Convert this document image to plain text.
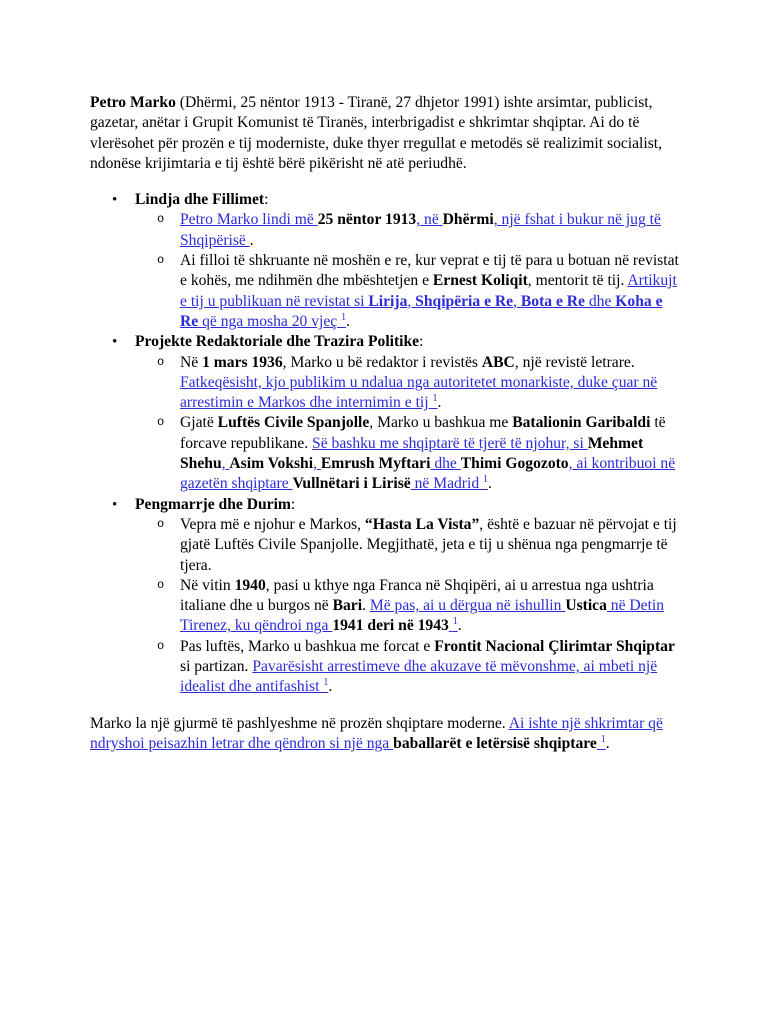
Petro Marko (Dhërmi, 25 nëntor 1913 - Tiranë, 27 dhjetor 1991) ishte arsimtar, publicist, gazetar, anëtar i Grupit Komunist të Tiranës, interbrigadist e shkrimtar shqiptar. Ai do të vlerësohet për prozën e tij moderniste, duke thyer rregullat e metodës së realizimit socialist, ndonëse krijimtaria e tij është bërë pikërisht në atë periudhë.

• Lindja dhe Fillimet:
o Petro Marko lindi më 25 nëntor 1913, në Dhërmi, një fshat i bukur në jug të Shqipërisë .
o Ai filloi të shkruante në moshën e re, kur veprat e tij të para u botuan në revistat e kohës, me ndihmën dhe mbështetjen e Ernest Koliqit, mentorit të tij. Artikujt e tij u publikuan në revistat si Lirija, Shqipëria e Re, Bota e Re dhe Koha e Re që nga mosha 20 vjeç $^1$.
• Projekte Redaktoriale dhe Trazira Politike:
o Në 1 mars 1936, Marko u bë redaktor i revistës ABC, një revistë letrare. Fatkeqësisht, kjo publikim u ndalua nga autoritetet monarkiste, duke çuar në arrestimin e Markos dhe internimin e tij $^1$.
o Gjatë Luftës Civile Spanjolle, Marko u bashkua me Batalionin Garibaldi të forcave republikane. Së bashku me shqiptarë të tjerë të njohur, si Mehmet Shehu, Asim Vokshi, Emrush Myftari dhe Thimi Gogozoto, ai kontribuoi në gazetën shqiptare Vullnëtari i Lirisë në Madrid $^1$.
• Pengmarrje dhe Durim:
o Vepra më e njohur e Markos, “Hasta La Vista”, është e bazuar në përvojat e tij gjatë Luftës Civile Spanjolle. Megjithatë, jeta e tij u shënua nga pengmarrje të tjera.
o Në vitin 1940, pasi u kthye nga Franca në Shqipëri, ai u arrestua nga ushtria italiane dhe u burgos në Bari. Më pas, ai u dërgua në ishullin Ustica në Detin Tirenez, ku qëndroi nga 1941 deri në 1943 $^1$.
o Pas luftës, Marko u bashkua me forcat e Frontit Nacional Çlirimtar Shqiptar si partizan. Pavarësisht arrestimeve dhe akuzave të mëvonshme, ai mbeti një idealist dhe antifashist $^1$.

Marko la një gjurmë të pashlyeshme në prozën shqiptare moderne. Ai ishte një shkrimtar që ndryshoi peisazhin letrar dhe qëndron si një nga baballarët e letërsisë shqiptare $^1$.
